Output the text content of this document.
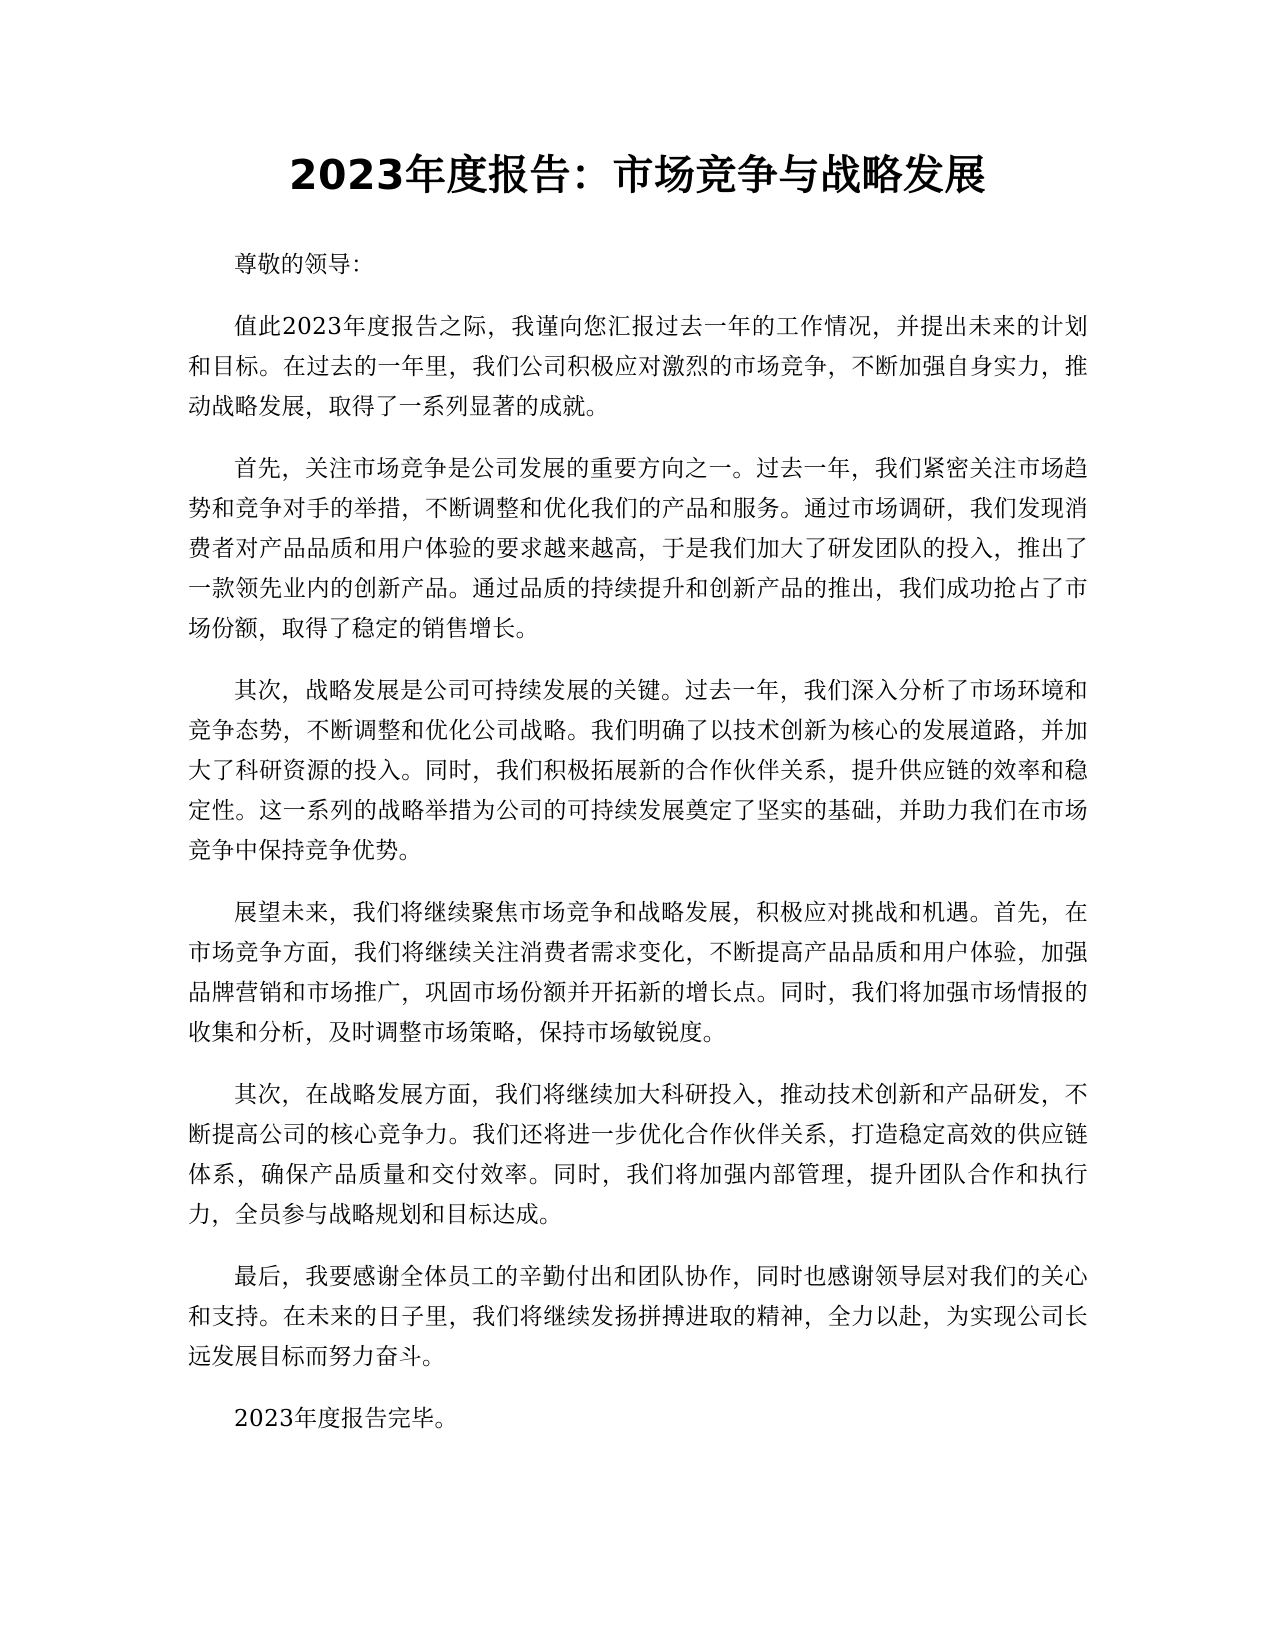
2023年度报告：市场竞争与战略发展

尊敬的领导：

值此2023年度报告之际，我谨向您汇报过去一年的工作情况，并提出未来的计划和目标。在过去的一年里，我们公司积极应对激烈的市场竞争，不断加强自身实力，推动战略发展，取得了一系列显著的成就。

首先，关注市场竞争是公司发展的重要方向之一。过去一年，我们紧密关注市场趋势和竞争对手的举措，不断调整和优化我们的产品和服务。通过市场调研，我们发现消费者对产品品质和用户体验的要求越来越高，于是我们加大了研发团队的投入，推出了一款领先业内的创新产品。通过品质的持续提升和创新产品的推出，我们成功抢占了市场份额，取得了稳定的销售增长。

其次，战略发展是公司可持续发展的关键。过去一年，我们深入分析了市场环境和竞争态势，不断调整和优化公司战略。我们明确了以技术创新为核心的发展道路，并加大了科研资源的投入。同时，我们积极拓展新的合作伙伴关系，提升供应链的效率和稳定性。这一系列的战略举措为公司的可持续发展奠定了坚实的基础，并助力我们在市场竞争中保持竞争优势。

展望未来，我们将继续聚焦市场竞争和战略发展，积极应对挑战和机遇。首先，在市场竞争方面，我们将继续关注消费者需求变化，不断提高产品品质和用户体验，加强品牌营销和市场推广，巩固市场份额并开拓新的增长点。同时，我们将加强市场情报的收集和分析，及时调整市场策略，保持市场敏锐度。

其次，在战略发展方面，我们将继续加大科研投入，推动技术创新和产品研发，不断提高公司的核心竞争力。我们还将进一步优化合作伙伴关系，打造稳定高效的供应链体系，确保产品质量和交付效率。同时，我们将加强内部管理，提升团队合作和执行力，全员参与战略规划和目标达成。

最后，我要感谢全体员工的辛勤付出和团队协作，同时也感谢领导层对我们的关心和支持。在未来的日子里，我们将继续发扬拼搏进取的精神，全力以赴，为实现公司长远发展目标而努力奋斗。

2023年度报告完毕。
